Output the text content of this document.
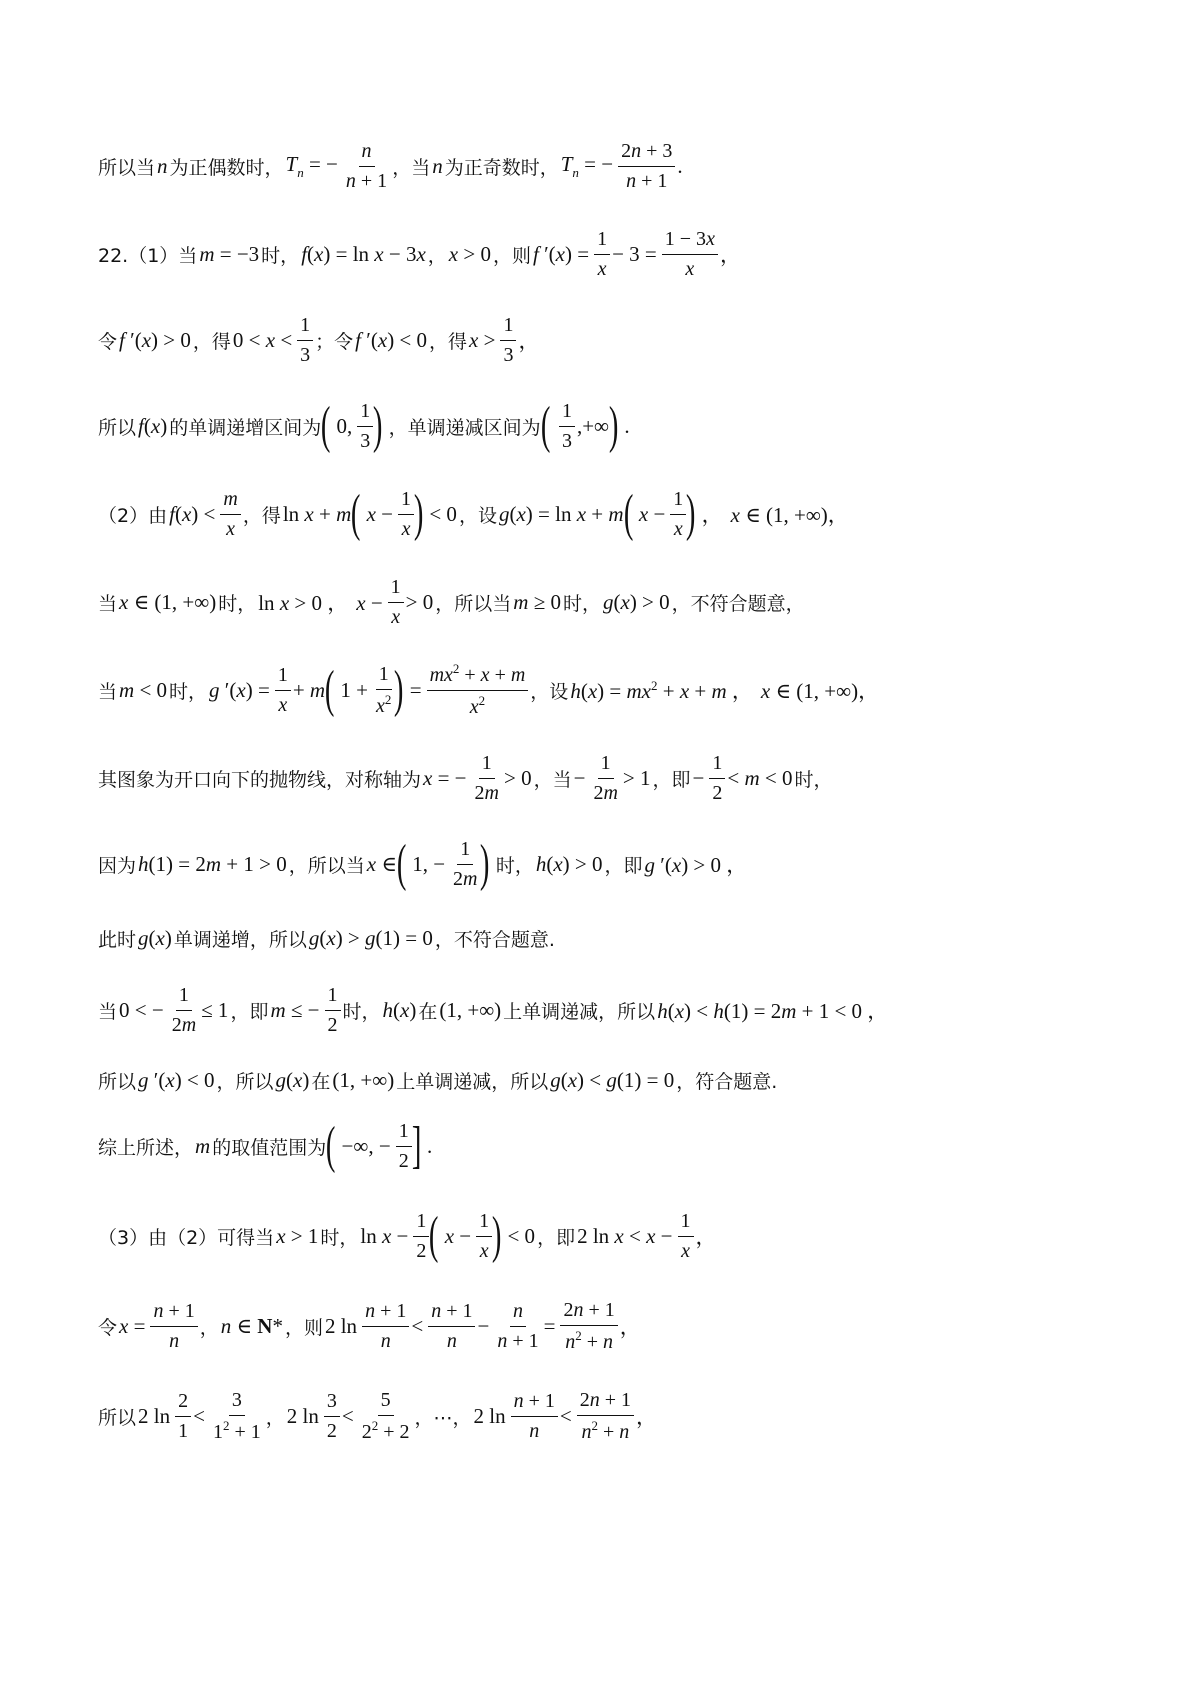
所以当 n 为正偶数时， $T_n$ = − $\frac{n}{n + 1}$ ，当 n 为正奇数时， $T_n$ = − $\frac{2n + 3}{n + 1}$ .
22.（1）当 m = −3 时， f(x) = ln x − 3x ， x > 0 ，则 f $'(x) = \frac{1}{x} - 3 = \frac{1 - 3x}{x}$ ，
令 f ′(x) > 0 ，得 $0 < x < \frac{1}{3}$ ；令 f ′(x) < 0 ，得 $x > \frac{1}{3}$ ，
所以 f(x) 的单调递增区间为 ( 0, $\frac{1}{3}$ ) ，单调递减区间为 ( $\frac{1}{3}$ ,+∞ ) .
（2）由 $f(x) < \frac{m}{x}$ ，得 ln x + m ( $x - \frac{1}{x}$ ) < 0 ，设 g(x) = ln x + m ( $x - \frac{1}{x}$ ) ， x ∈ (1, +∞)，
当 x ∈ (1, +∞) 时， ln x > 0 ， $x - \frac{1}{x} > 0$ ，所以当 m ≥ 0 时， g(x) > 0 ，不符合题意，
当 m < 0 时， g $'(x) = \frac{1}{x} + m$ ( $1 + \frac{1}{x^2}$ ) = $\frac{mx^2 + x + m}{x^2}$ ，设 $h(x) = mx^2 + x + m$ ， x ∈ (1, +∞)，
其图象为开口向下的抛物线，对称轴为 x = − $\frac{1}{2m} > 0$ ，当 − $\frac{1}{2m} > 1$ ，即 − $\frac{1}{2} < m < 0$ 时，
因为 h(1) = 2m + 1 > 0 ，所以当 x ∈ ( 1, − $\frac{1}{2m}$ ) 时， h(x) > 0 ，即 g ′(x) > 0 ，
此时 g(x) 单调递增，所以 g(x) > g(1) = 0 ，不符合题意.
当 0 < − $\frac{1}{2m} \le 1$ ，即 m ≤ − $\frac{1}{2}$ 时， h(x) 在 (1, +∞) 上单调递减，所以 h(x) < h(1) = 2m + 1 < 0 ，
所以 g ′(x) < 0 ，所以 g(x) 在 (1, +∞) 上单调递减，所以 g(x) < g(1) = 0 ，符合题意.
综上所述， m 的取值范围为 ( −∞, − $\frac{1}{2}$ ] .
（3）由（2）可得当 x > 1 时， $\ln x - \frac{1}{2}$ ( $x - \frac{1}{x}$ ) < 0 ，即 2 $\ln x < x - \frac{1}{x}$ ，
令 $x = \frac{n + 1}{n}$ ， n ∈ N* ，则 2 $\ln \frac{n + 1}{n} < \frac{n + 1}{n} - \frac{n}{n + 1} = \frac{2n + 1}{n^2 + n}$ ，
所以 2 $\ln \frac{2}{1} < \frac{3}{1^2 + 1}$ ， 2 $\ln \frac{3}{2} < \frac{5}{2^2 + 2}$ ，⋯， 2 $\ln \frac{n + 1}{n} < \frac{2n + 1}{n^2 + n}$ ，
